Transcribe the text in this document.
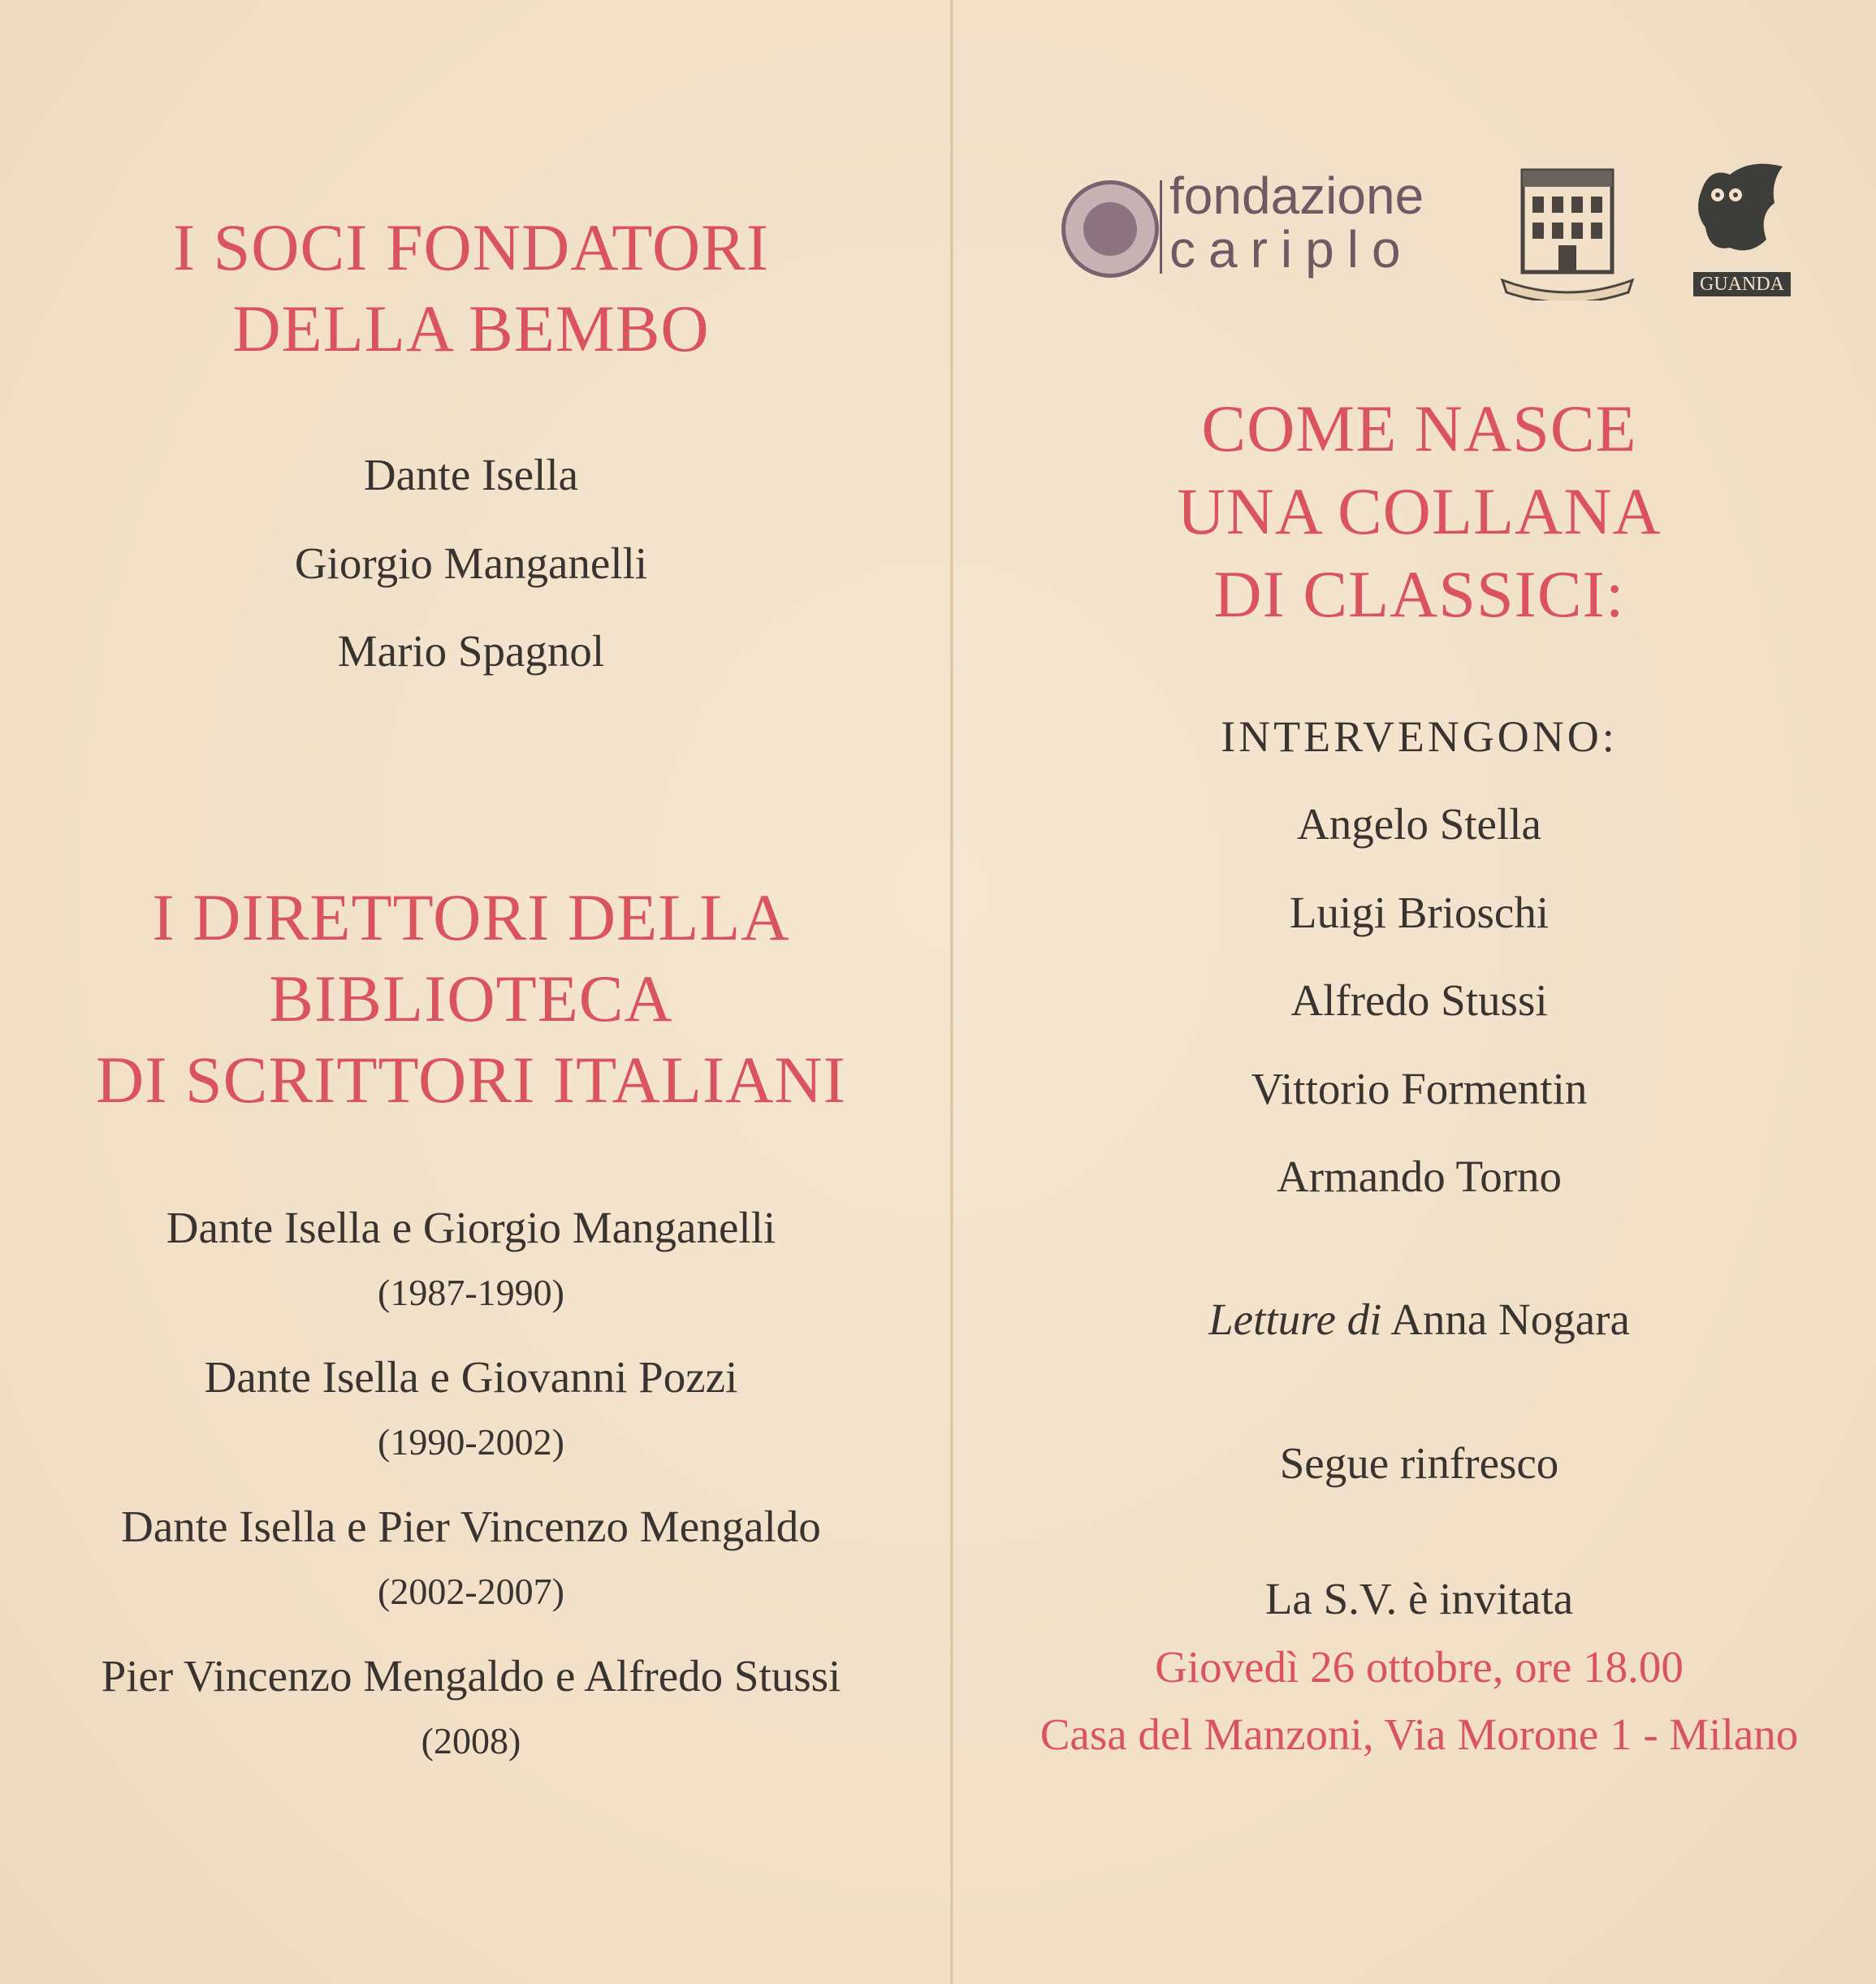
I SOCI FONDATORI
DELLA BEMBO
Dante Isella
Giorgio Manganelli
Mario Spagnol
I DIRETTORI DELLA
BIBLIOTECA
DI SCRITTORI ITALIANI
Dante Isella e Giorgio Manganelli
(1987-1990)
Dante Isella e Giovanni Pozzi
(1990-2002)
Dante Isella e Pier Vincenzo Mengaldo
(2002-2007)
Pier Vincenzo Mengaldo e Alfredo Stussi
(2008)
fondazione
cariplo
GUANDA
COME NASCE
UNA COLLANA
DI CLASSICI:
INTERVENGONO:
Angelo Stella
Luigi Brioschi
Alfredo Stussi
Vittorio Formentin
Armando Torno
Letture di Anna Nogara
Segue rinfresco
La S.V. è invitata
Giovedì 26 ottobre, ore 18.00
Casa del Manzoni, Via Morone 1 - Milano
